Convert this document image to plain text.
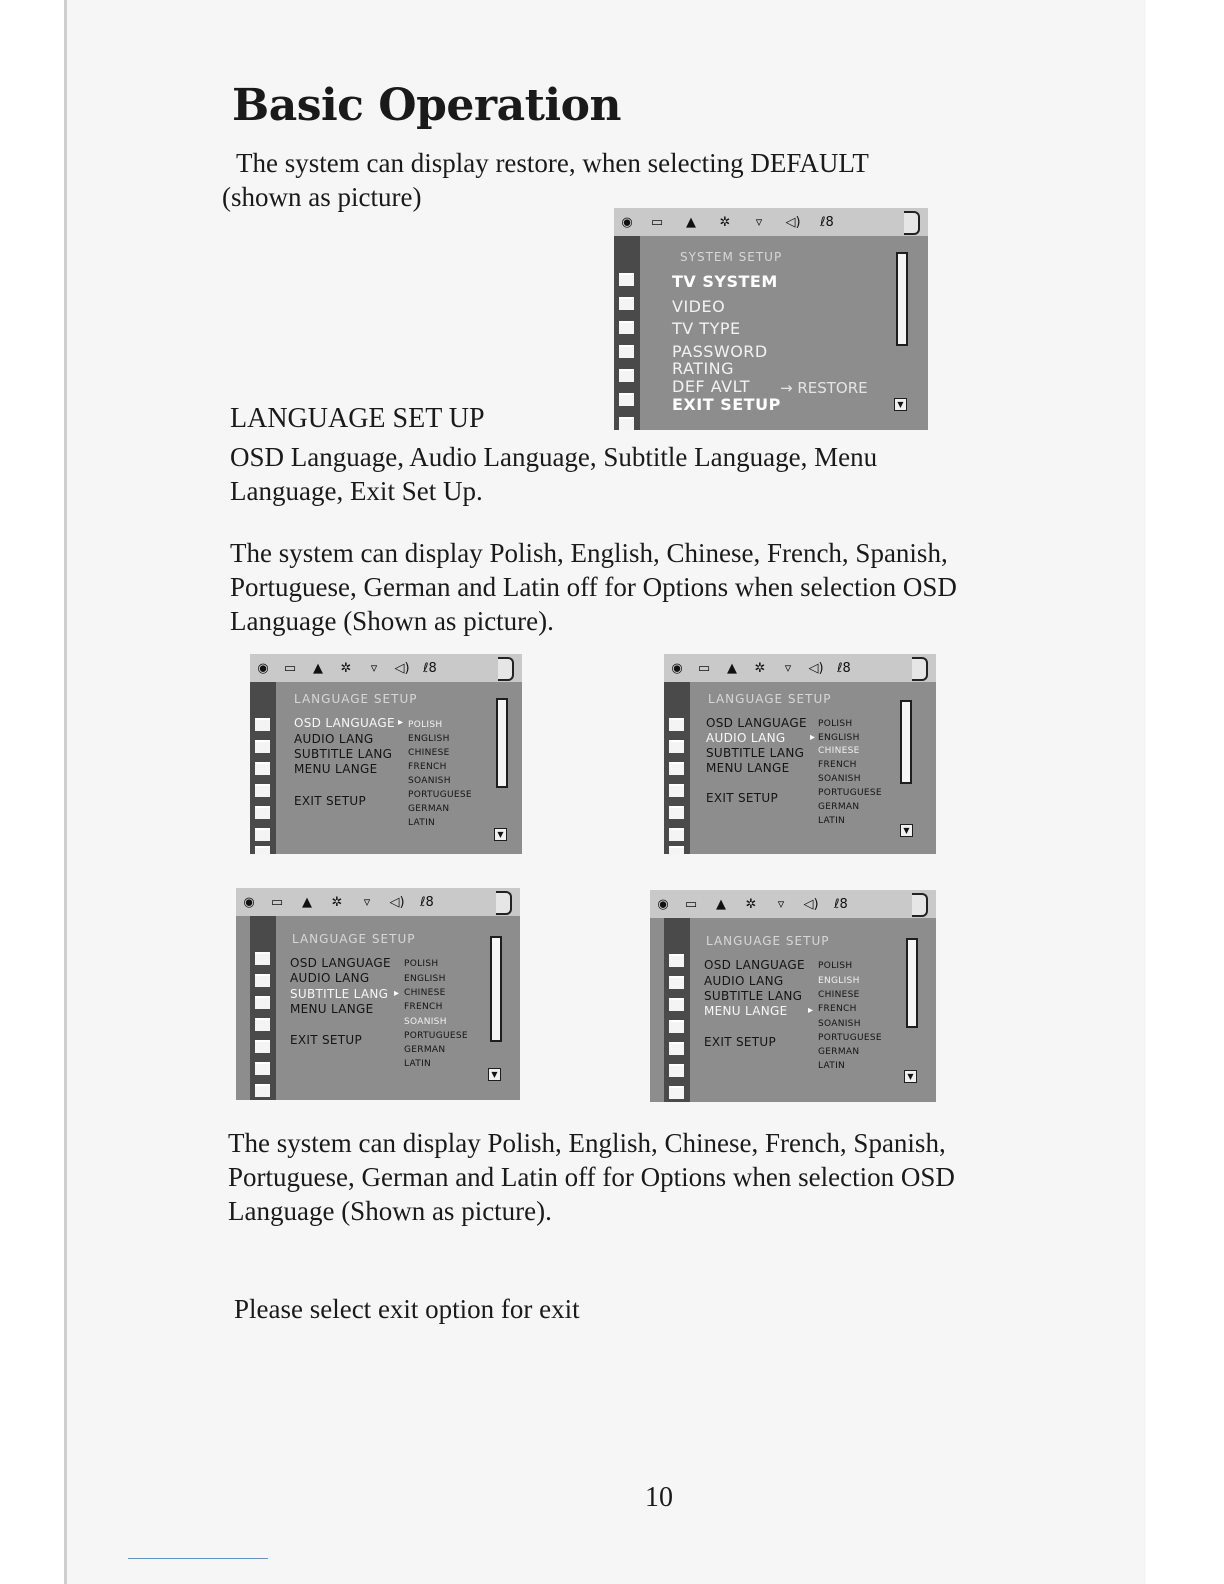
Basic Operation

The system can display restore, when selecting DEFAULT
(shown as picture)

◉	▭	▲	✲	▿	◁)	ℓ8
SYSTEM SETUP
TV SYSTEM
VIDEO
TV TYPE
PASSWORD
RATING
DEF AVLT → RESTORE
EXIT SETUP	▼
LANGUAGE SET UP

OSD Language, Audio Language, Subtitle Language, Menu
Language, Exit Set Up.

The system can display Polish, English, Chinese, French, Spanish,
Portuguese, German and Latin off for Options when selection OSD
Language (Shown as picture).

◉	▭	▲	✲	▿	◁)	ℓ8
LANGUAGE SETUP
OSD LANGUAGE ▸
AUDIO LANG
SUBTITLE LANG
MENU LANGE
EXIT SETUP
POLISH
ENGLISH
CHINESE
FRENCH
SOANISH
PORTUGUESE
GERMAN
LATIN
▼
◉	▭	▲	✲	▿	◁)	ℓ8
LANGUAGE SETUP
OSD LANGUAGE
AUDIO LANG ▸
SUBTITLE LANG
MENU LANGE
EXIT SETUP
POLISH
ENGLISH
CHINESE
FRENCH
SOANISH
PORTUGUESE
GERMAN
LATIN
▼
◉	▭	▲	✲	▿	◁)	ℓ8
LANGUAGE SETUP
OSD LANGUAGE
AUDIO LANG
SUBTITLE LANG ▸
MENU LANGE
EXIT SETUP
POLISH
ENGLISH
CHINESE
FRENCH
SOANISH
PORTUGUESE
GERMAN
LATIN
▼
◉	▭	▲	✲	▿	◁)	ℓ8
LANGUAGE SETUP
OSD LANGUAGE
AUDIO LANG
SUBTITLE LANG
MENU LANGE ▸
EXIT SETUP
POLISH
ENGLISH
CHINESE
FRENCH
SOANISH
PORTUGUESE
GERMAN
LATIN
▼

The system can display Polish, English, Chinese, French, Spanish,
Portuguese, German and Latin off for Options when selection OSD
Language (Shown as picture).

Please select exit option for exit
10
